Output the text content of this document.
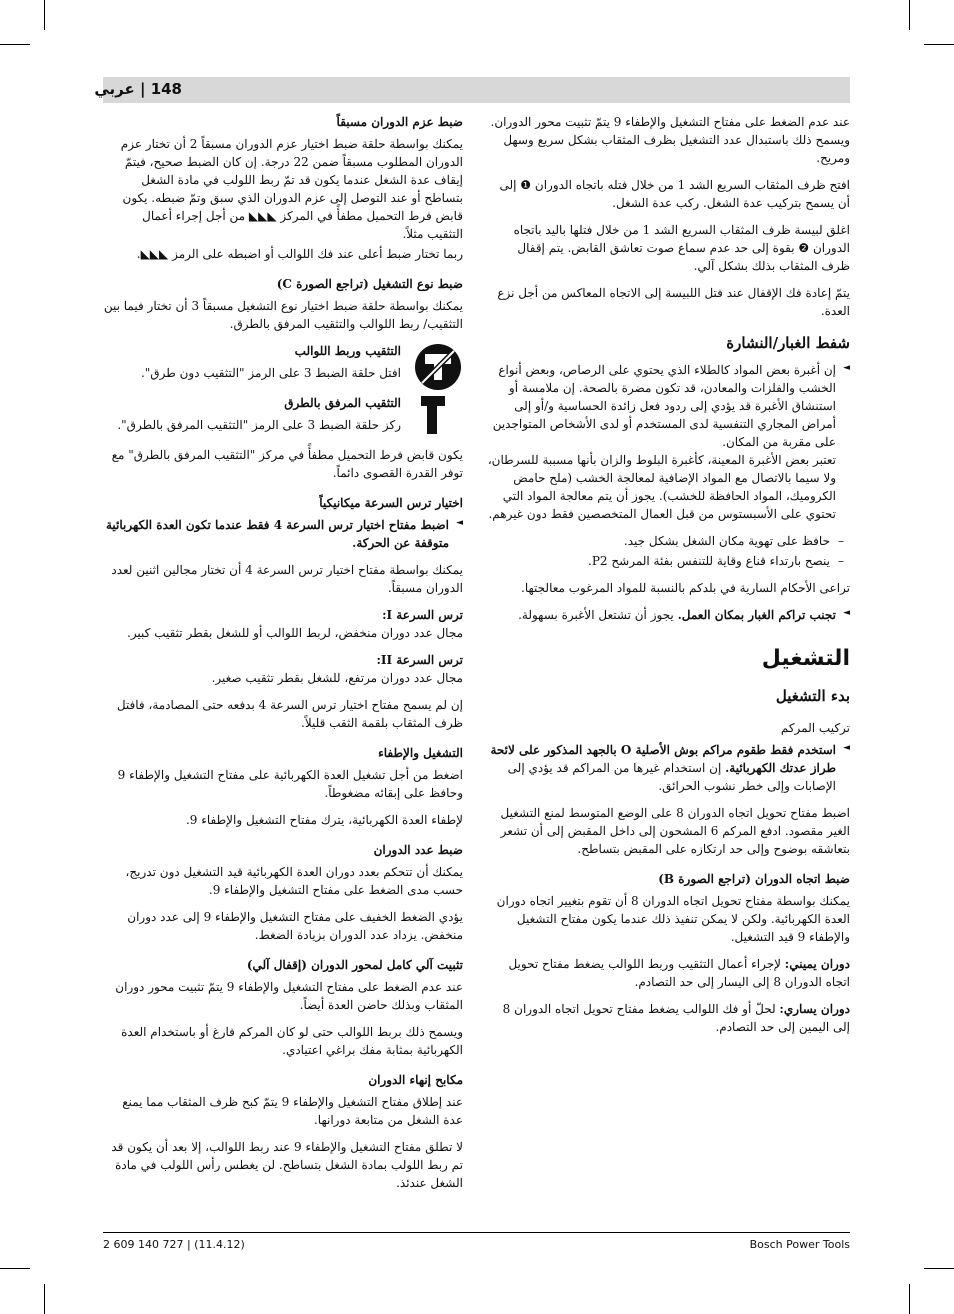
148 | عربي

عند عدم الضغط على مفتاح التشغيل والإطفاء 9 يتمّ تثبيت محور الدوران. ويسمح ذلك باستبدال عدد التشغيل بظرف المثقاب بشكل سريع وسهل ومريح.

افتح ظرف المثقاب السريع الشد 1 من خلال فتله باتجاه الدوران ❶ إلى أن يسمح بتركيب عدة الشغل. ركب عدة الشغل.

اغلق لبيسة ظرف المثقاب السريع الشد 1 من خلال فتلها باليد باتجاه الدوران ❷ بقوة إلى حد عدم سماع صوت تعاشق القابض. يتم إقفال ظرف المثقاب بذلك بشكل آلي.

يتمّ إعادة فك الإقفال عند فتل اللبيسة إلى الاتجاه المعاكس من أجل نزع العدة.

شفط الغبار/النشارة
◄ إن أغبرة بعض المواد كالطلاء الذي يحتوي على الرصاص، وبعض أنواع الخشب والفلزات والمعادن، قد تكون مضرة بالصحة. إن ملامسة أو استنشاق الأغبرة قد يؤدي إلى ردود فعل زائدة الحساسية و/أو إلى أمراض المجاري التنفسية لدى المستخدم أو لدى الأشخاص المتواجدين على مقربة من المكان.
تعتبر بعض الأغبرة المعينة، كأغبرة البلوط والزان بأنها مسببة للسرطان، ولا سيما بالاتصال مع المواد الإضافية لمعالجة الخشب (ملح حامض الكروميك، المواد الحافظة للخشب). يجوز أن يتم معالجة المواد التي تحتوي على الأسبستوس من قبل العمال المتخصصين فقط دون غيرهم.
– حافظ على تهوية مكان الشغل بشكل جيد.
– ينصح بارتداء قناع وقاية للتنفس بفئة المرشح P2.

تراعى الأحكام السارية في بلدكم بالنسبة للمواد المرغوب معالجتها.

◄ تجنب تراكم الغبار بمكان العمل. يجوز أن تشتعل الأغبرة بسهولة.
التشغيل
بدء التشغيل
تركيب المركم
◄ استخدم فقط طقوم مراكم بوش الأصلية O بالجهد المذكور على لائحة طراز عدتك الكهربائية. إن استخدام غيرها من المراكم قد يؤدي إلى الإصابات وإلى خطر نشوب الحرائق.

اضبط مفتاح تحويل اتجاه الدوران 8 على الوضع المتوسط لمنع التشغيل الغير مقصود. ادفع المركم 6 المشحون إلى داخل المقبض إلى أن تشعر بتعاشقه بوضوح وإلى حد ارتكازه على المقبض بتساطح.

ضبط اتجاه الدوران (تراجع الصورة B)

يمكنك بواسطة مفتاح تحويل اتجاه الدوران 8 أن تقوم بتغيير اتجاه دوران العدة الكهربائية. ولكن لا يمكن تنفيذ ذلك عندما يكون مفتاح التشغيل والإطفاء 9 قيد التشغيل.

دوران يميني: لإجراء أعمال التثقيب وربط اللوالب يضغط مفتاح تحويل اتجاه الدوران 8 إلى اليسار إلى حد التصادم.

دوران يساري: لحلّ أو فك اللوالب يضغط مفتاح تحويل اتجاه الدوران 8 إلى اليمين إلى حد التصادم.

ضبط عزم الدوران مسبقاً

يمكنك بواسطة حلقة ضبط اختيار عزم الدوران مسبقاً 2 أن تختار عزم الدوران المطلوب مسبقاً ضمن 22 درجة. إن كان الضبط صحيح، فيتمّ إيقاف عدة الشغل عندما يكون قد تمّ ربط اللولب في مادة الشغل بتساطح أو عند التوصل إلى عزم الدوران الذي سبق وتمّ ضبطه. يكون قابض فرط التحميل مطفأً في المركز ◣◣◣ من أجل إجراء أعمال التثقيب مثلاً.

ربما تختار ضبط أعلى عند فك اللوالب أو اضبطه على الرمز ◣◣◣.

ضبط نوع التشغيل (تراجع الصورة C)

يمكنك بواسطة حلقة ضبط اختيار نوع التشغيل مسبقاً 3 أن تختار فيما بين التثقيب/ ربط اللوالب والتثقيب المرفق بالطرق.

التثقيب وربط اللوالب

افتل حلقة الضبط 3 على الرمز "التثقيب دون طرق".

التثقيب المرفق بالطرق

ركز حلقة الضبط 3 على الرمز "التثقيب المرفق بالطرق".

يكون قابض فرط التحميل مطفأً في مركز "التثقيب المرفق بالطرق" مع توفر القدرة القصوى دائماً.

اختيار ترس السرعة ميكانيكياً
◄ اضبط مفتاح اختيار ترس السرعة 4 فقط عندما تكون العدة الكهربائية متوقفة عن الحركة.

يمكنك بواسطة مفتاح اختيار ترس السرعة 4 أن تختار مجالين اثنين لعدد الدوران مسبقاً.

ترس السرعة I:

مجال عدد دوران منخفض، لربط اللوالب أو للشغل بقطر تثقيب كبير.

ترس السرعة II:

مجال عدد دوران مرتفع، للشغل بقطر تثقيب صغير.

إن لم يسمح مفتاح اختيار ترس السرعة 4 بدفعه حتى المصادمة، فافتل ظرف المثقاب بلقمة الثقب قليلاً.

التشغيل والإطفاء

اضغط من أجل تشغيل العدة الكهربائية على مفتاح التشغيل والإطفاء 9 وحافظ على إبقائه مضغوطاً.

لإطفاء العدة الكهربائية، يترك مفتاح التشغيل والإطفاء 9.

ضبط عدد الدوران

يمكنك أن تتحكم بعدد دوران العدة الكهربائية قيد التشغيل دون تدريج، حسب مدى الضغط على مفتاح التشغيل والإطفاء 9.

يؤدي الضغط الخفيف على مفتاح التشغيل والإطفاء 9 إلى عدد دوران منخفض. يزداد عدد الدوران بزيادة الضغط.

تثبيت آلي كامل لمحور الدوران (إقفال آلي)

عند عدم الضغط على مفتاح التشغيل والإطفاء 9 يتمّ تثبيت محور دوران المثقاب وبذلك حاضن العدة أيضاً.

ويسمح ذلك بربط اللوالب حتى لو كان المركم فارغ أو باستخدام العدة الكهربائية بمثابة مفك براغي اعتيادي.

مكابح إنهاء الدوران

عند إطلاق مفتاح التشغيل والإطفاء 9 يتمّ كبح ظرف المثقاب مما يمنع عدة الشغل من متابعة دورانها.

لا تطلق مفتاح التشغيل والإطفاء 9 عند ربط اللوالب، إلا بعد أن يكون قد تم ربط اللولب بمادة الشغل بتساطح. لن يغطس رأس اللولب في مادة الشغل عندئذ.

2 609 140 727 | (11.4.12)	Bosch Power Tools
